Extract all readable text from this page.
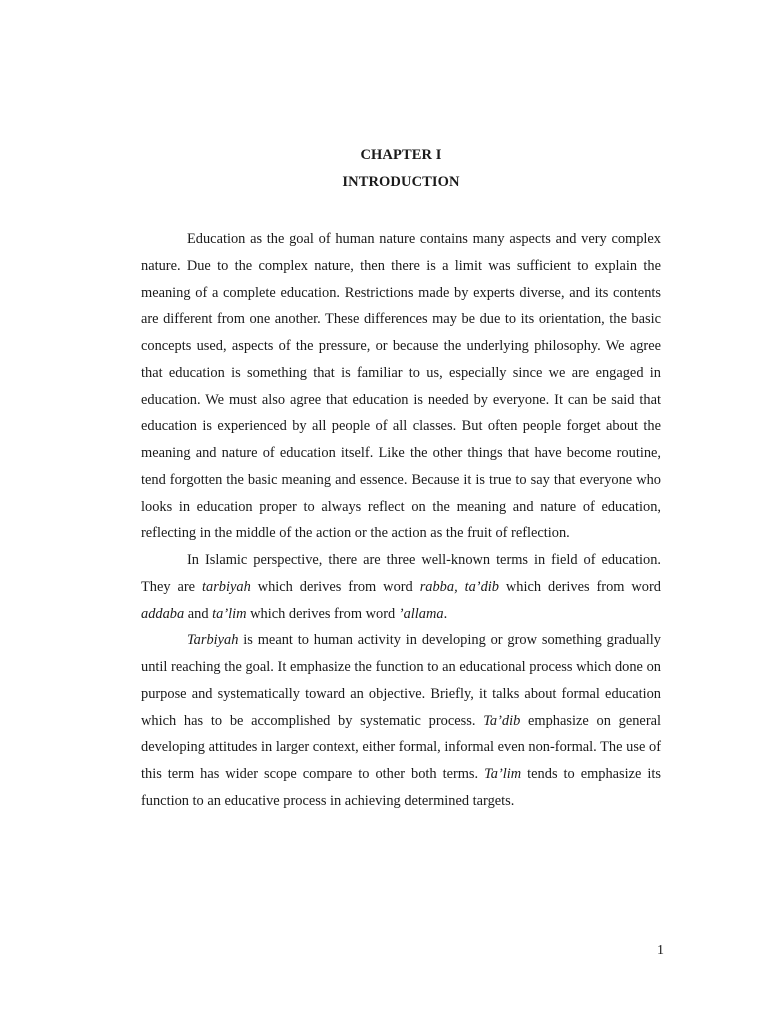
CHAPTER I
INTRODUCTION

Education as the goal of human nature contains many aspects and very complex nature. Due to the complex nature, then there is a limit was sufficient to explain the meaning of a complete education. Restrictions made by experts diverse, and its contents are different from one another. These differences may be due to its orientation, the basic concepts used, aspects of the pressure, or because the underlying philosophy. We agree that education is something that is familiar to us, especially since we are engaged in education. We must also agree that education is needed by everyone. It can be said that education is experienced by all people of all classes. But often people forget about the meaning and nature of education itself. Like the other things that have become routine, tend forgotten the basic meaning and essence. Because it is true to say that everyone who looks in education proper to always reflect on the meaning and nature of education, reflecting in the middle of the action or the action as the fruit of reflection.

In Islamic perspective, there are three well-known terms in field of education. They are tarbiyah which derives from word rabba, ta’dib which derives from word addaba and ta’lim which derives from word ’allama.

Tarbiyah is meant to human activity in developing or grow something gradually until reaching the goal. It emphasize the function to an educational process which done on purpose and systematically toward an objective. Briefly, it talks about formal education which has to be accomplished by systematic process. Ta’dib emphasize on general developing attitudes in larger context, either formal, informal even non-formal. The use of this term has wider scope compare to other both terms. Ta’lim tends to emphasize its function to an educative process in achieving determined targets.

1
